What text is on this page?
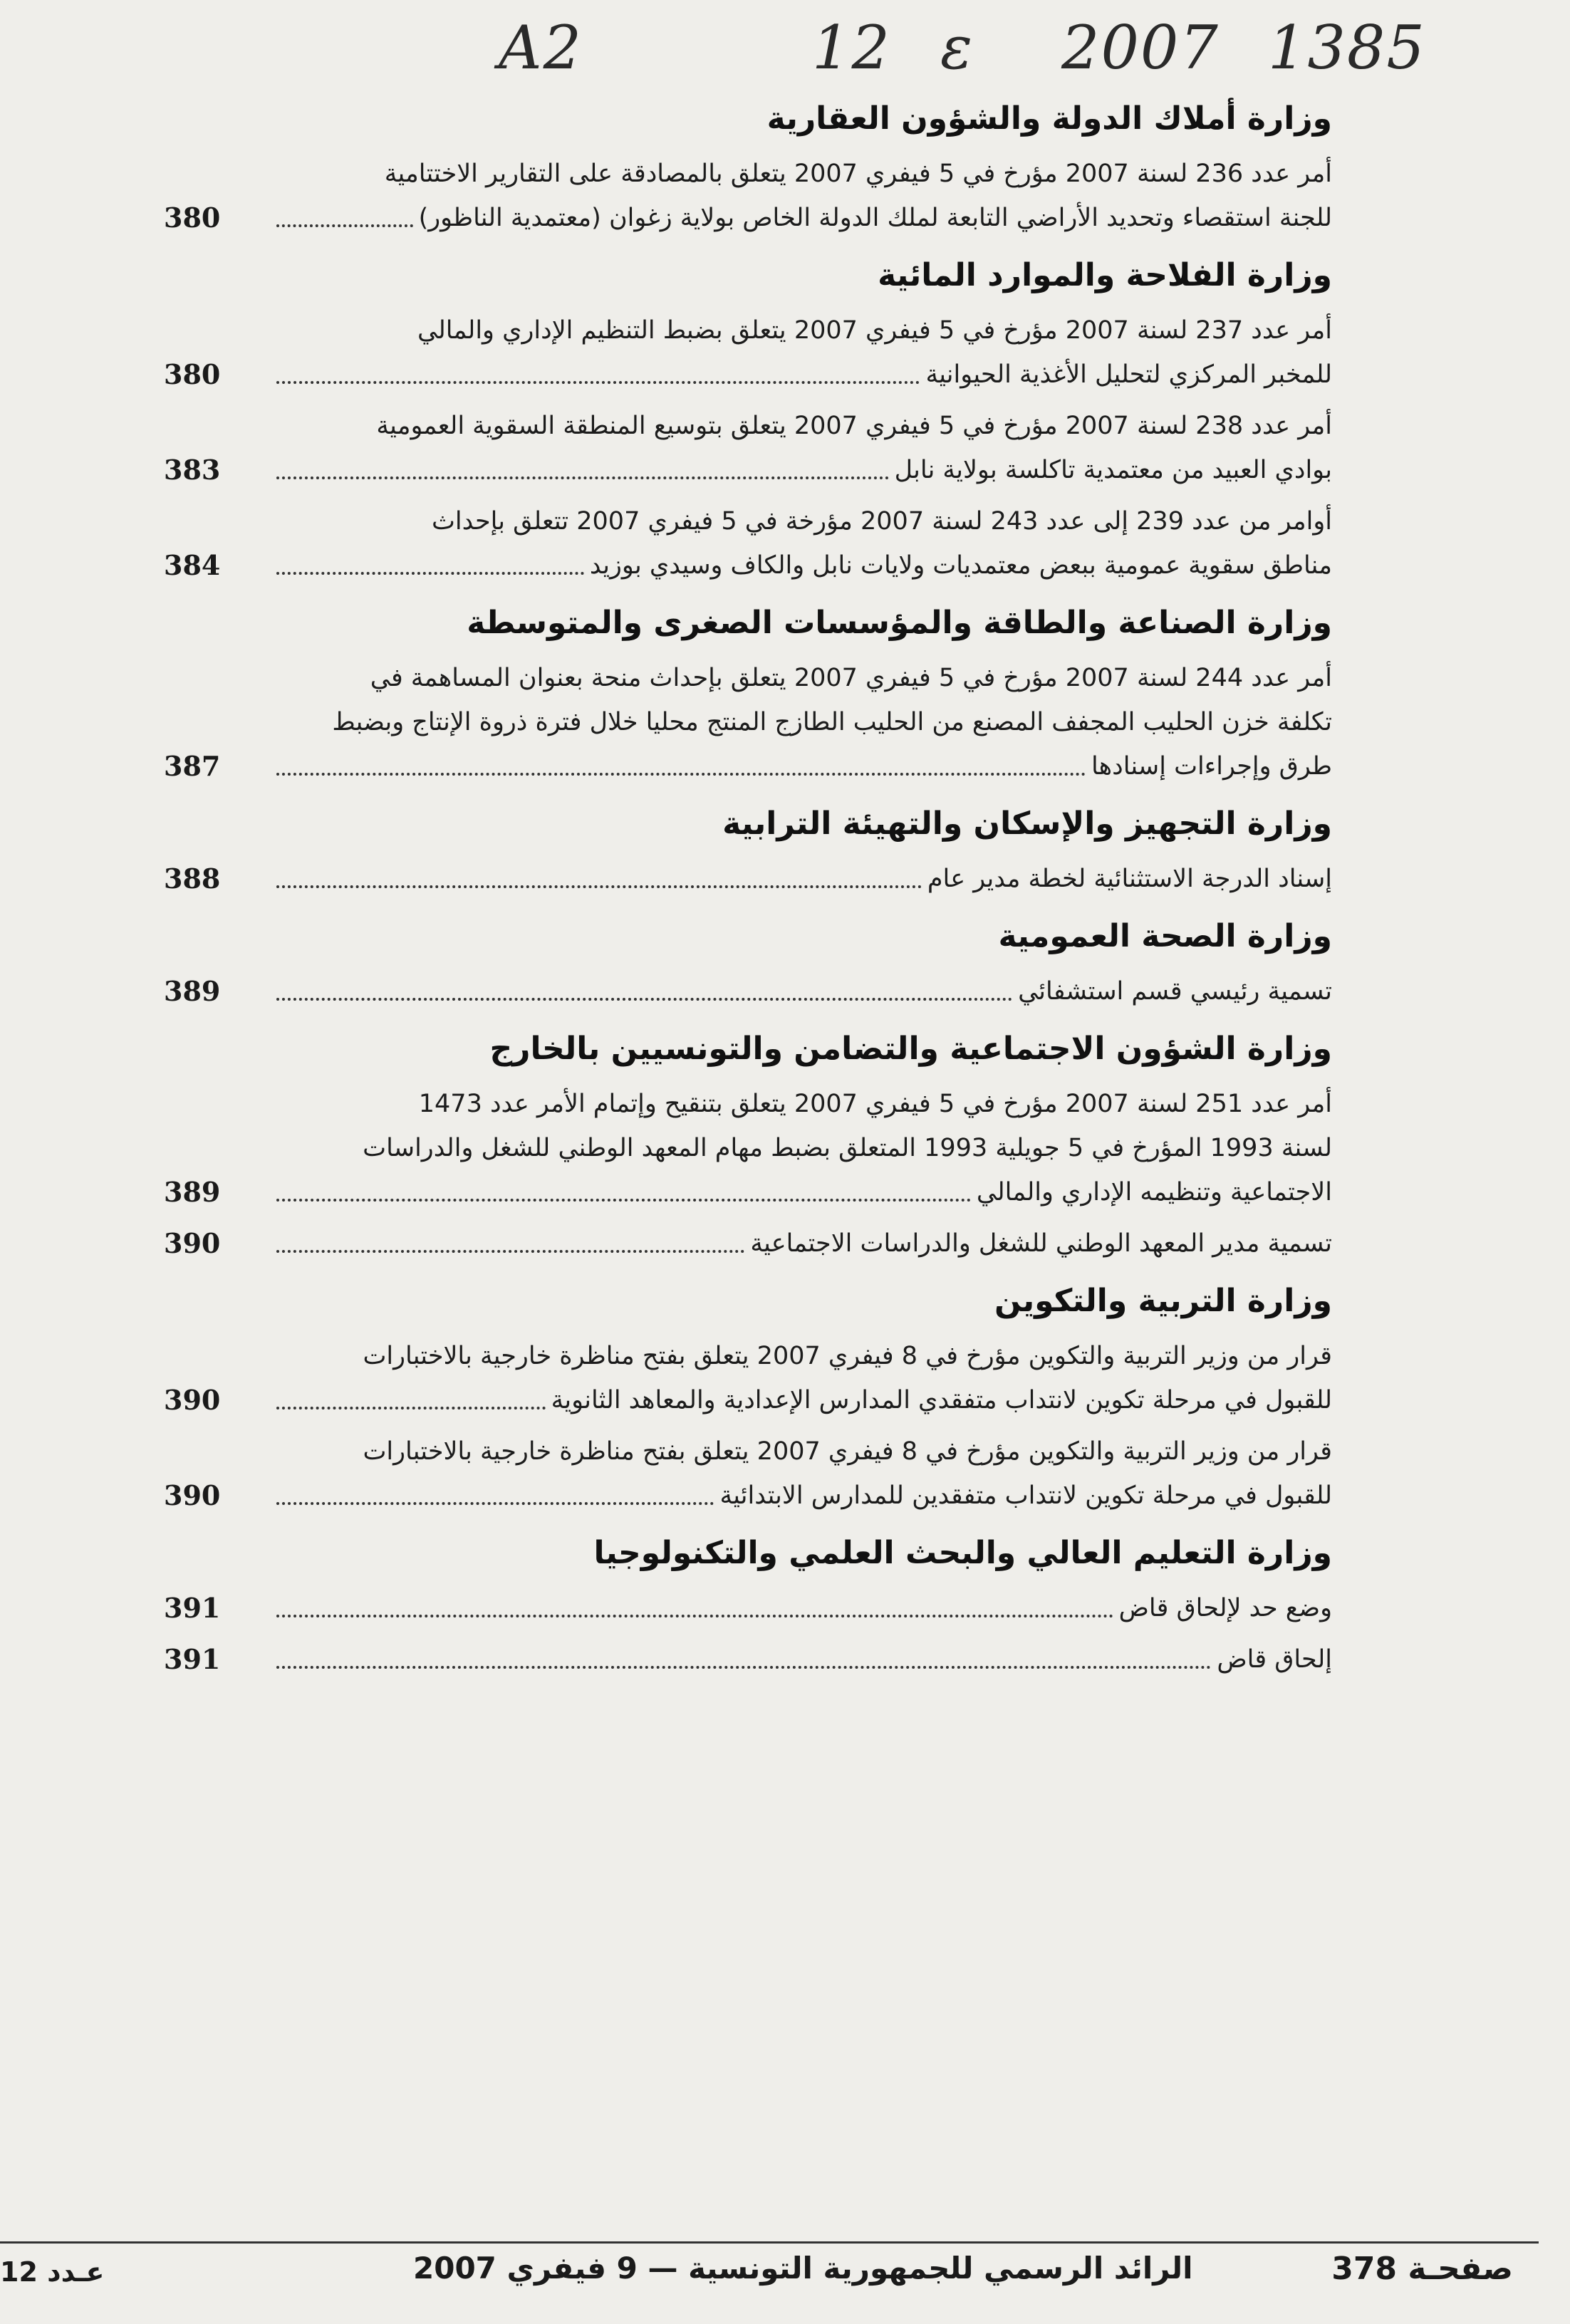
A2	12 ε 2007 1385
وزارة أملاك الدولة والشؤون العقارية
أمر عدد 236 لسنة 2007 مؤرخ في 5 فيفري 2007 يتعلق بالمصادقة على التقارير الاختتامية
للجنة استقصاء وتحديد الأراضي التابعة لملك الدولة الخاص بولاية زغوان (معتمدية الناظور)
380
وزارة الفلاحة والموارد المائية
أمر عدد 237 لسنة 2007 مؤرخ في 5 فيفري 2007 يتعلق بضبط التنظيم الإداري والمالي
للمخبر المركزي لتحليل الأغذية الحيوانية
380
أمر عدد 238 لسنة 2007 مؤرخ في 5 فيفري 2007 يتعلق بتوسيع المنطقة السقوية العمومية
بوادي العبيد من معتمدية تاكلسة بولاية نابل
383
أوامر من عدد 239 إلى عدد 243 لسنة 2007 مؤرخة في 5 فيفري 2007 تتعلق بإحداث
مناطق سقوية عمومية ببعض معتمديات ولايات نابل والكاف وسيدي بوزيد
384
وزارة الصناعة والطاقة والمؤسسات الصغرى والمتوسطة
أمر عدد 244 لسنة 2007 مؤرخ في 5 فيفري 2007 يتعلق بإحداث منحة بعنوان المساهمة في
تكلفة خزن الحليب المجفف المصنع من الحليب الطازج المنتج محليا خلال فترة ذروة الإنتاج وبضبط
طرق وإجراءات إسنادها
387
وزارة التجهيز والإسكان والتهيئة الترابية
إسناد الدرجة الاستثنائية لخطة مدير عام
388
وزارة الصحة العمومية
تسمية رئيسي قسم استشفائي
389
وزارة الشؤون الاجتماعية والتضامن والتونسيين بالخارج
أمر عدد 251 لسنة 2007 مؤرخ في 5 فيفري 2007 يتعلق بتنقيح وإتمام الأمر عدد 1473
لسنة 1993 المؤرخ في 5 جويلية 1993 المتعلق بضبط مهام المعهد الوطني للشغل والدراسات
الاجتماعية وتنظيمه الإداري والمالي
389
تسمية مدير المعهد الوطني للشغل والدراسات الاجتماعية
390
وزارة التربية والتكوين
قرار من وزير التربية والتكوين مؤرخ في 8 فيفري 2007 يتعلق بفتح مناظرة خارجية بالاختبارات
للقبول في مرحلة تكوين لانتداب متفقدي المدارس الإعدادية والمعاهد الثانوية
390
قرار من وزير التربية والتكوين مؤرخ في 8 فيفري 2007 يتعلق بفتح مناظرة خارجية بالاختبارات
للقبول في مرحلة تكوين لانتداب متفقدين للمدارس الابتدائية
390
وزارة التعليم العالي والبحث العلمي والتكنولوجيا
وضع حد لإلحاق قاض
391
إلحاق قاض
391
صفحـة 378
الرائد الرسمي للجمهورية التونسية — 9 فيفري 2007
عـدد 12
